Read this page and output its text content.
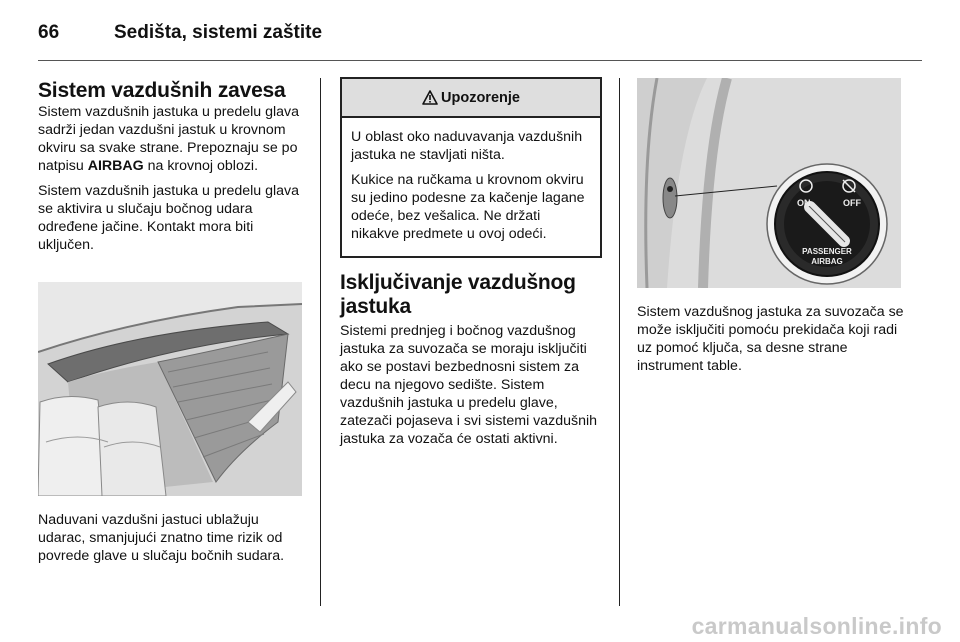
66	Sedišta, sistemi zaštite
Sistem vazdušnih zavesa

Sistem vazdušnih jastuka u predelu glava sadrži jedan vazdušni jastuk u krovnom okviru sa svake strane. Prepoznaju se po natpisu AIRBAG na krovnoj oblozi.

Sistem vazdušnih jastuka u predelu glava se aktivira u slučaju bočnog udara određene jačine. Kontakt mora biti uključen.

Naduvani vazdušni jastuci ublažuju udarac, smanjujući znatno time rizik od povrede glave u slučaju bočnih sudara.

Upozorenje

U oblast oko naduvavanja vazdušnih jastuka ne stavljati ništa.

Kukice na ručkama u krovnom okviru su jedino podesne za kačenje lagane odeće, bez vešalica. Ne držati nikakve predmete u ovoj odeći.

Isključivanje vazdušnog jastuka

Sistemi prednjeg i bočnog vazdušnog jastuka za suvozača se moraju isključiti ako se postavi bezbednosni sistem za decu na njegovo sedište. Sistem vazdušnih jastuka u predelu glave, zatezači pojaseva i svi sistemi vazdušnih jastuka za vozača će ostati aktivni.

ON	OFF
PASSENGER
AIRBAG

Sistem vazdušnog jastuka za suvozača se može isključiti pomoću prekidača koji radi uz pomoć ključa, sa desne strane instrument table.

carmanualsonline.info
